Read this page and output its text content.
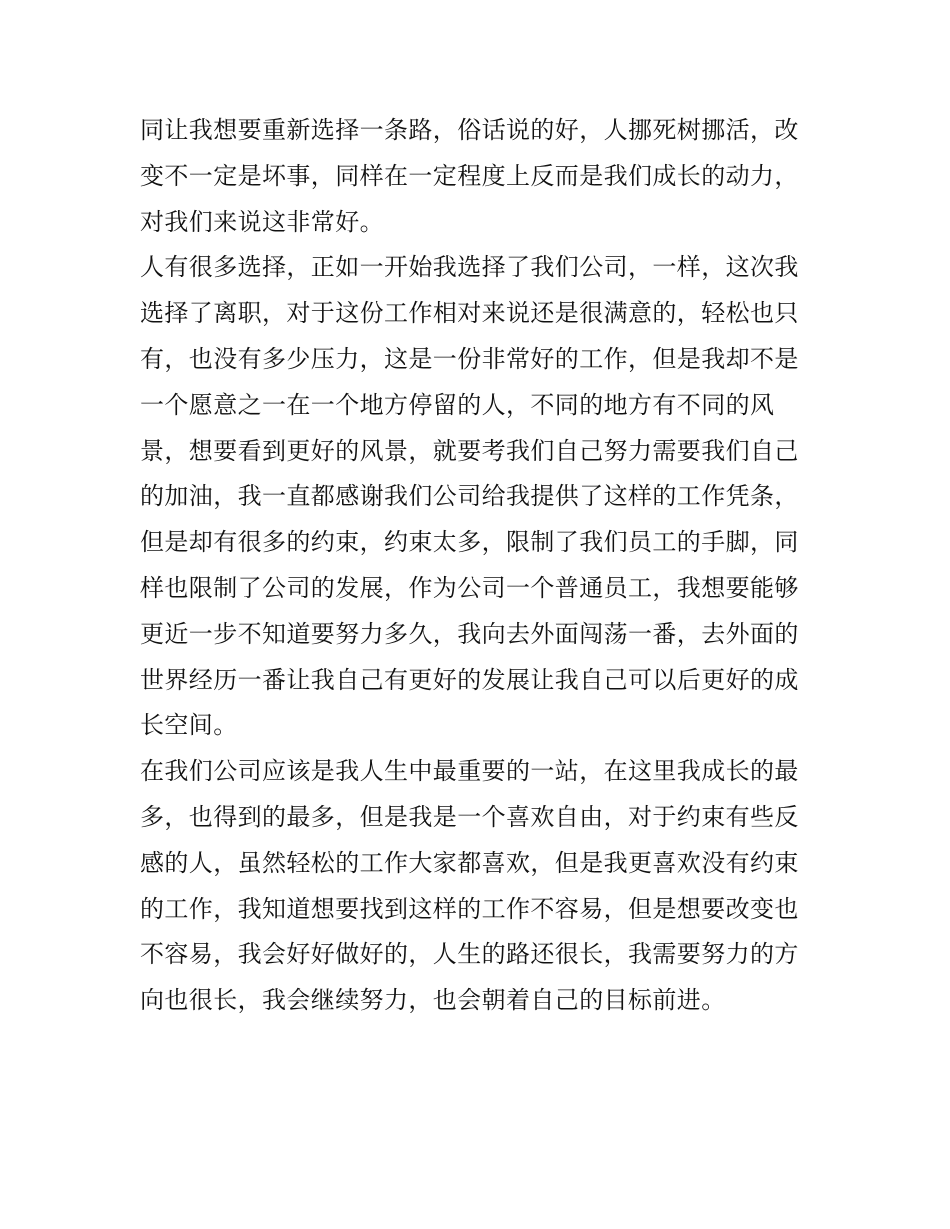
同让我想要重新选择一条路，俗话说的好，人挪死树挪活，改
变不一定是坏事，同样在一定程度上反而是我们成长的动力，
对我们来说这非常好。
人有很多选择，正如一开始我选择了我们公司，一样，这次我
选择了离职，对于这份工作相对来说还是很满意的，轻松也只
有，也没有多少压力，这是一份非常好的工作，但是我却不是
一个愿意之一在一个地方停留的人，不同的地方有不同的风
景，想要看到更好的风景，就要考我们自己努力需要我们自己
的加油，我一直都感谢我们公司给我提供了这样的工作凭条，
但是却有很多的约束，约束太多，限制了我们员工的手脚，同
样也限制了公司的发展，作为公司一个普通员工，我想要能够
更近一步不知道要努力多久，我向去外面闯荡一番，去外面的
世界经历一番让我自己有更好的发展让我自己可以后更好的成
长空间。
在我们公司应该是我人生中最重要的一站，在这里我成长的最
多，也得到的最多，但是我是一个喜欢自由，对于约束有些反
感的人，虽然轻松的工作大家都喜欢，但是我更喜欢没有约束
的工作，我知道想要找到这样的工作不容易，但是想要改变也
不容易，我会好好做好的，人生的路还很长，我需要努力的方
向也很长，我会继续努力，也会朝着自己的目标前进。
